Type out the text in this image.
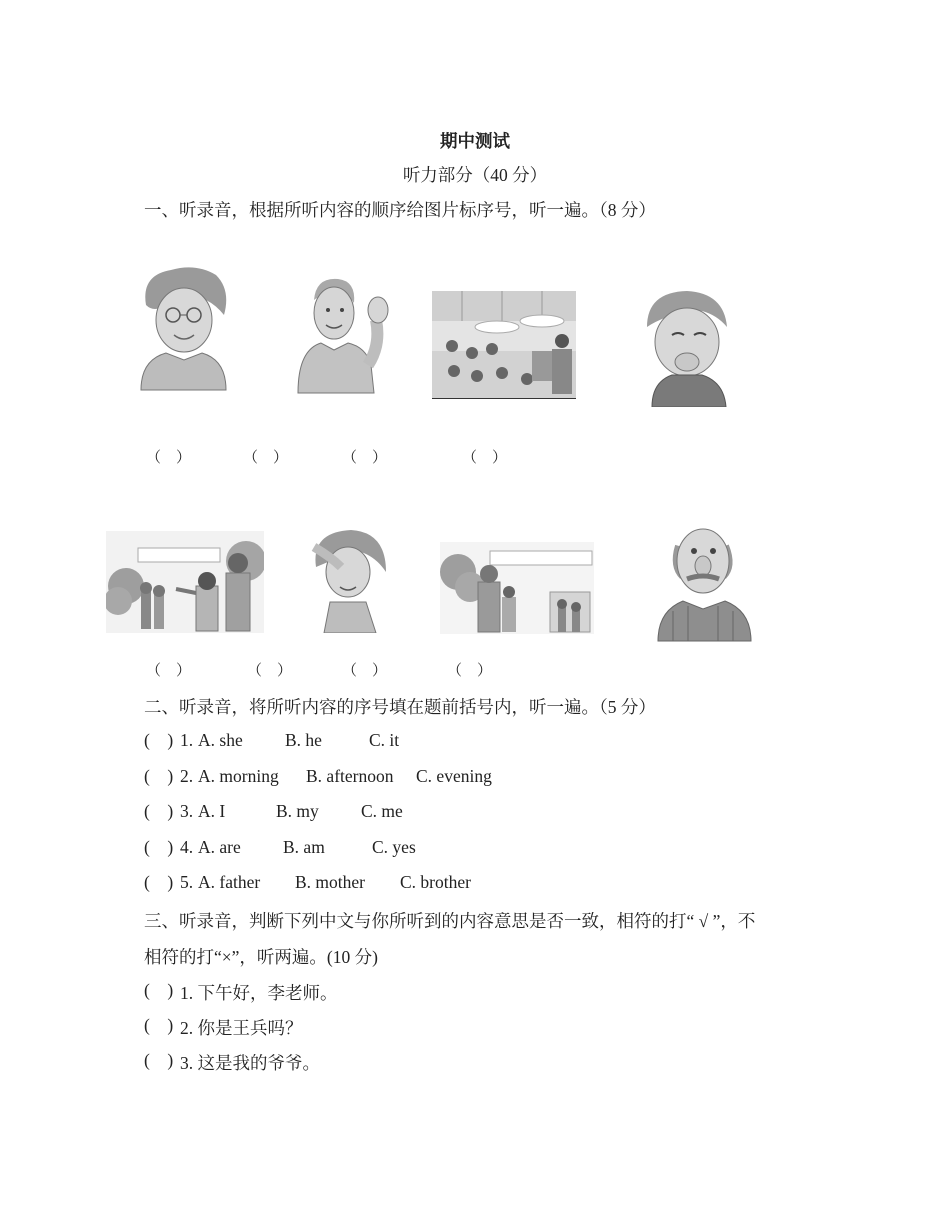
期中测试
听力部分（40 分）
一、听录音，根据所听内容的顺序给图片标序号，听一遍。（8 分）
（　）	（　）	（　）	（　）
（　）	（　）	（　）	（　）
二、听录音，将所听内容的序号填在题前括号内，听一遍。（5 分）
(    ) 1. A. she B. he	C. it
(    ) 2. A. morning B. afternoon C. evening
(    ) 3. A. I	B. my C. me
(    ) 4. A. are B. am	C. yes
(    ) 5. A. father B. mother C. brother
三、听录音，判断下列中文与你所听到的内容意思是否一致，相符的打“ √ ”，不
相符的打“×”，听两遍。(10 分)
(    ) 1. 下午好，李老师。
(    ) 2. 你是王兵吗？
(    ) 3. 这是我的爷爷。
